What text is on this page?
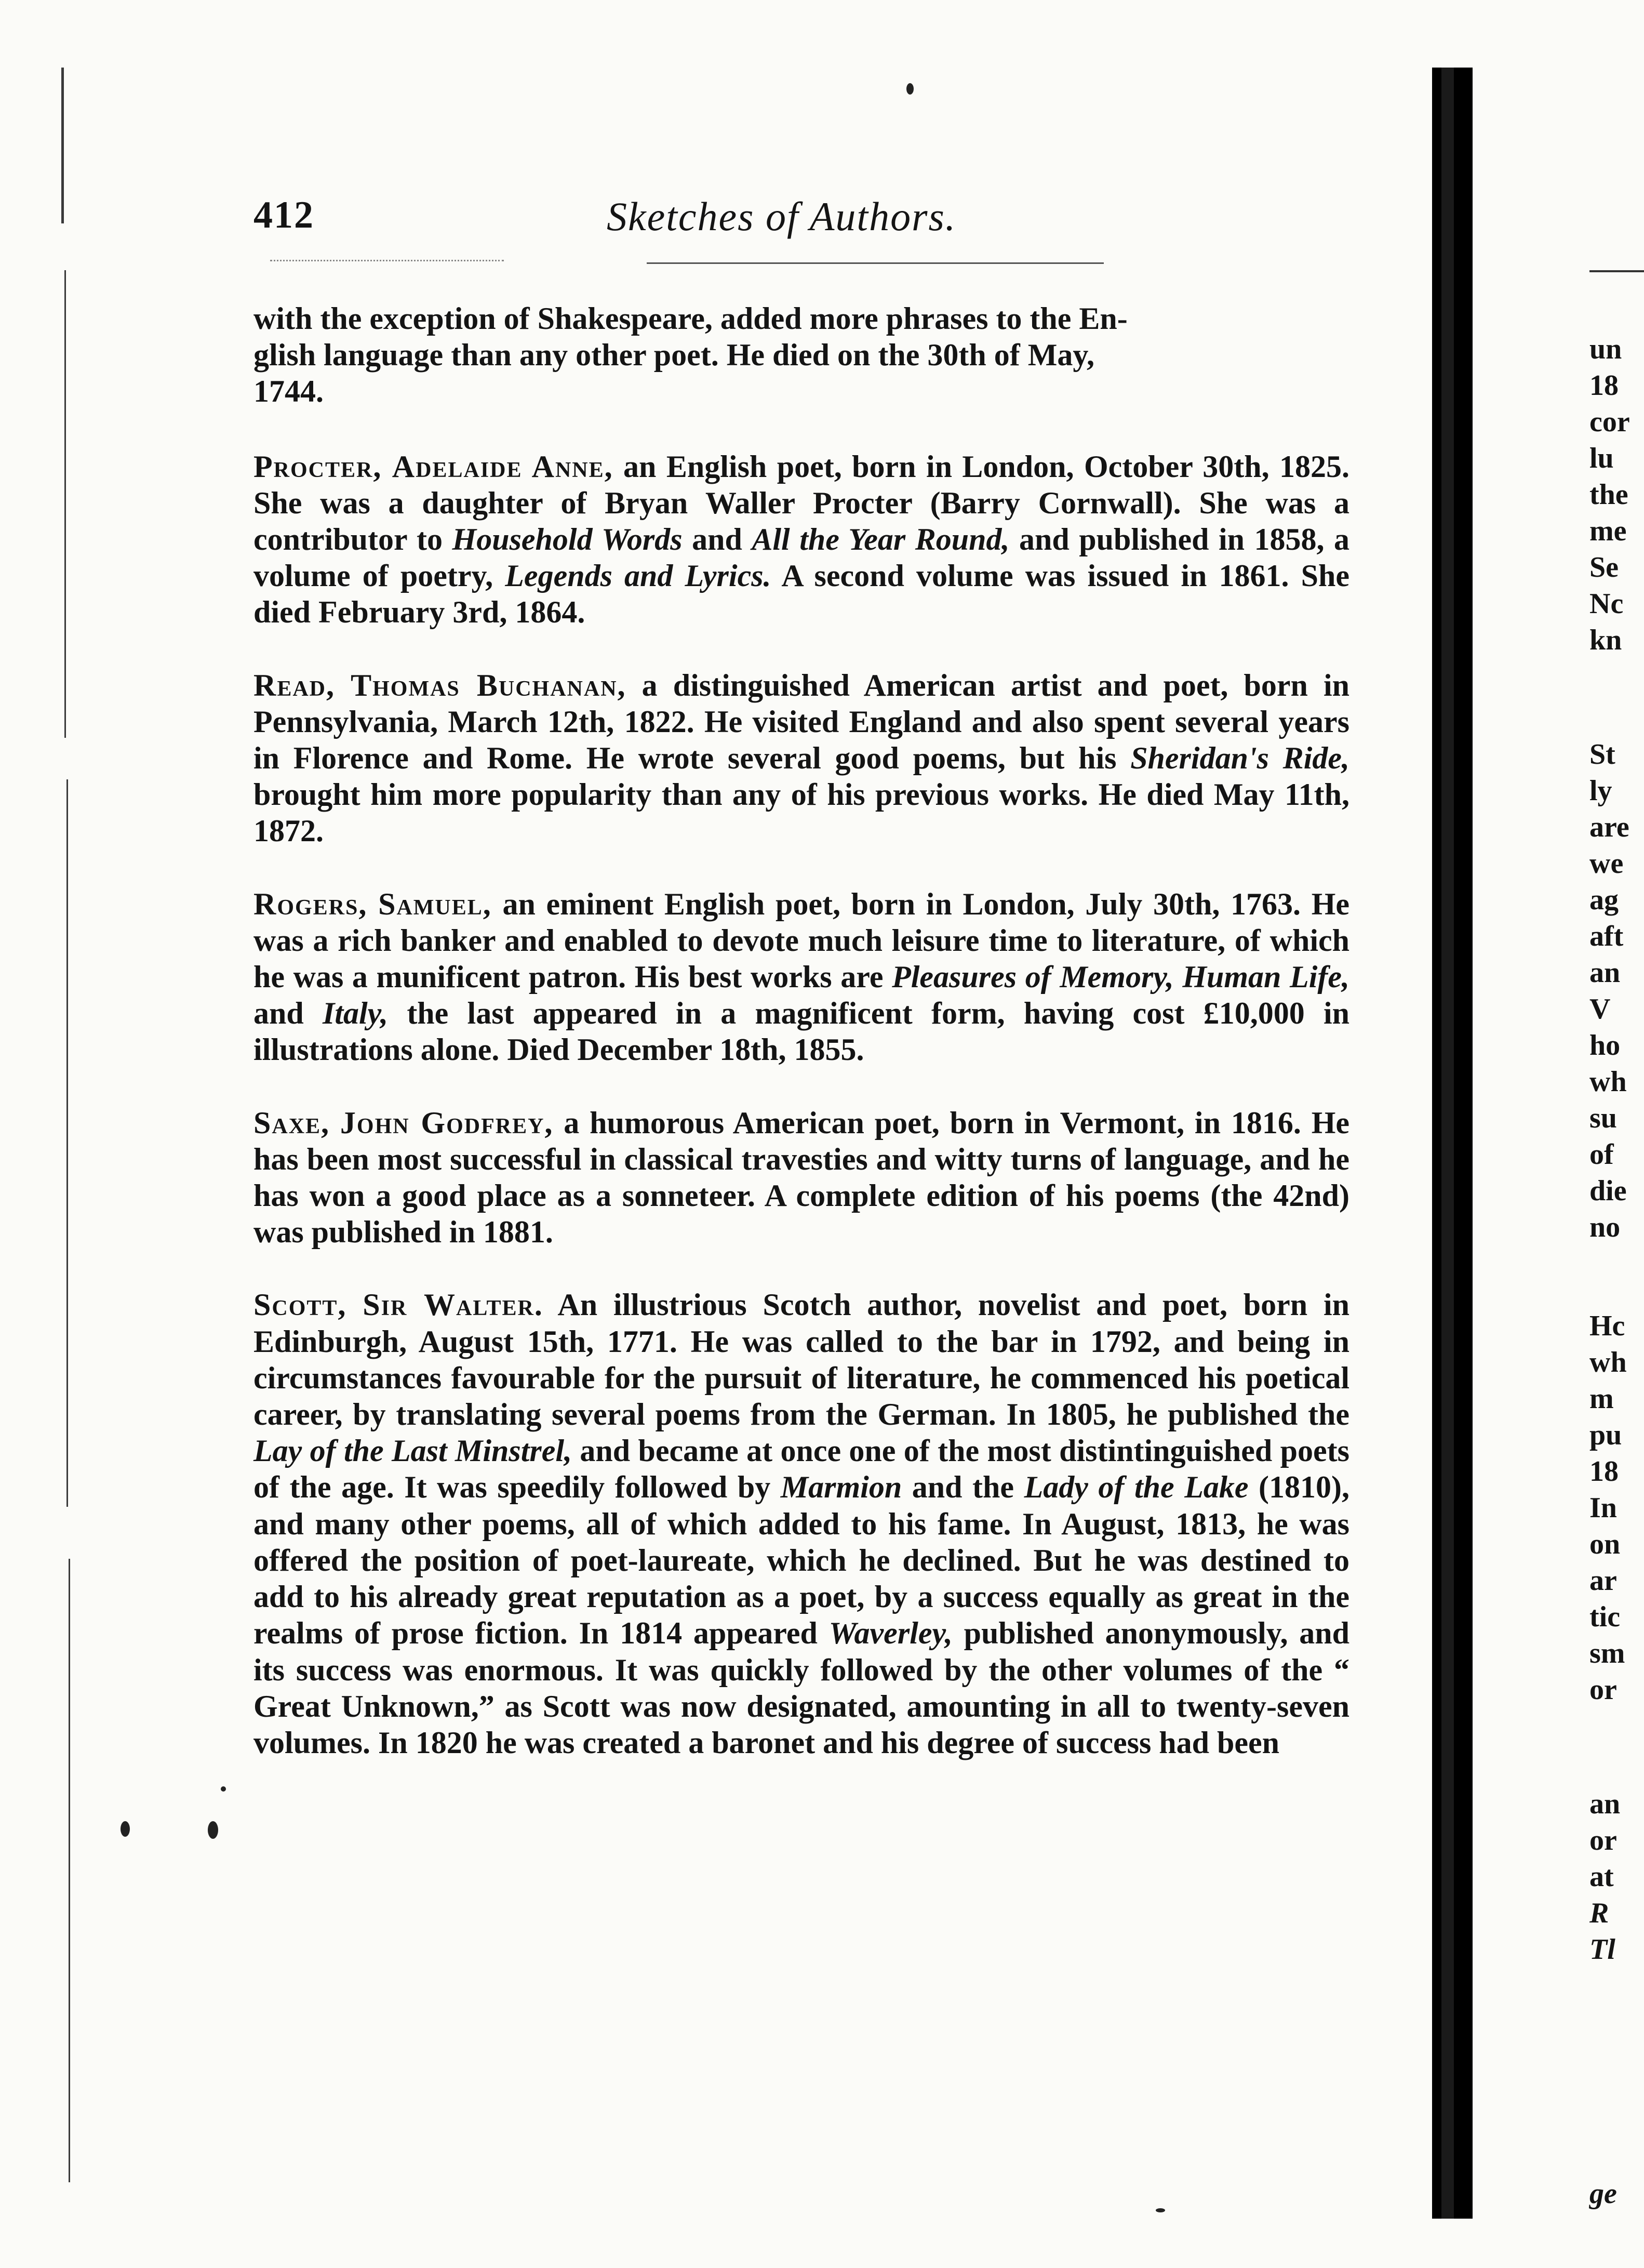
412	Sketches of Authors.

with the exception of Shakespeare, added more phrases to the En-
glish language than any other poet. He died on the 30th of May,
1744.

Procter, Adelaide Anne, an English poet, born in London, October 30th, 1825. She was a daughter of Bryan Waller Procter (Barry Cornwall). She was a contributor to Household Words and All the Year Round, and published in 1858, a volume of poetry, Legends and Lyrics. A second volume was issued in 1861. She died February 3rd, 1864.

Read, Thomas Buchanan, a distinguished American artist and poet, born in Pennsylvania, March 12th, 1822. He visited England and also spent several years in Florence and Rome. He wrote several good poems, but his Sheridan's Ride, brought him more popularity than any of his previous works. He died May 11th, 1872.

Rogers, Samuel, an eminent English poet, born in London, July 30th, 1763. He was a rich banker and enabled to devote much leisure time to literature, of which he was a munificent patron. His best works are Pleasures of Memory, Human Life, and Italy, the last appeared in a magnificent form, having cost £10,000 in illustrations alone. Died December 18th, 1855.

Saxe, John Godfrey, a humorous American poet, born in Vermont, in 1816. He has been most successful in classical travesties and witty turns of language, and he has won a good place as a sonneteer. A complete edition of his poems (the 42nd) was published in 1881.

Scott, Sir Walter. An illustrious Scotch author, novelist and poet, born in Edinburgh, August 15th, 1771. He was called to the bar in 1792, and being in circumstances favourable for the pursuit of literature, he commenced his poetical career, by translating several poems from the German. In 1805, he published the Lay of the Last Minstrel, and became at once one of the most distintinguished poets of the age. It was speedily followed by Marmion and the Lady of the Lake (1810), and many other poems, all of which added to his fame. In August, 1813, he was offered the position of poet-laureate, which he declined. But he was destined to add to his already great reputation as a poet, by a success equally as great in the realms of prose fiction. In 1814 appeared Waverley, published anonymously, and its success was enormous. It was quickly followed by the other volumes of the “ Great Unknown,” as Scott was now designated, amounting in all to twenty-seven volumes. In 1820 he was created a baronet and his degree of success had been

un
18
cor
lu
the
me
Se
Nc
kn
St
ly
are
we
ag
aft
an
V
ho
wh
su
of
die
no
Hc
wh
m
pu
18
In
on
ar
tic
sm
or
an
or
at
R
Tl
ge
